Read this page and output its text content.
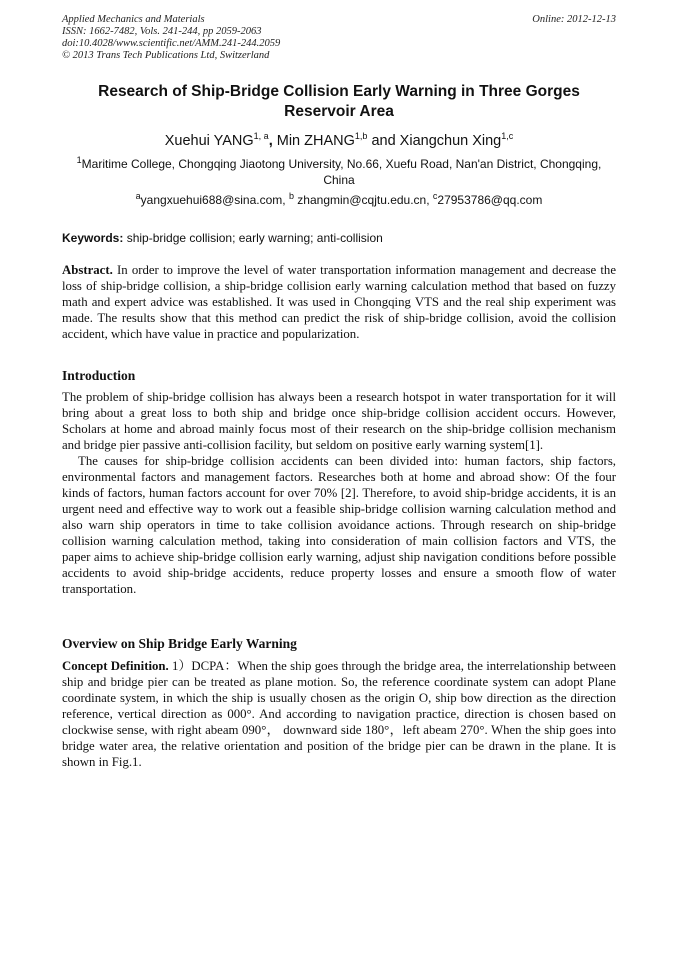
Applied Mechanics and Materials
ISSN: 1662-7482, Vols. 241-244, pp 2059-2063
doi:10.4028/www.scientific.net/AMM.241-244.2059
© 2013 Trans Tech Publications Ltd, Switzerland
Online: 2012-12-13
Research of Ship-Bridge Collision Early Warning in Three Gorges Reservoir Area
Xuehui YANG$^{1, a}$, Min ZHANG$^{1,b}$ and Xiangchun Xing$^{1,c}$
$^1$Maritime College, Chongqing Jiaotong University, No.66, Xuefu Road, Nan'an District, Chongqing, China
$^a$yangxuehui688@sina.com, $^b$ zhangmin@cqjtu.edu.cn, $^c$27953786@qq.com
Keywords: ship-bridge collision; early warning; anti-collision
Abstract. In order to improve the level of water transportation information management and decrease the loss of ship-bridge collision, a ship-bridge collision early warning calculation method that based on fuzzy math and expert advice was established. It was used in Chongqing VTS and the real ship experiment was made. The results show that this method can predict the risk of ship-bridge collision, avoid the collision accident, which have value in practice and popularization.
Introduction

The problem of ship-bridge collision has always been a research hotspot in water transportation for it will bring about a great loss to both ship and bridge once ship-bridge collision accident occurs. However, Scholars at home and abroad mainly focus most of their research on the ship-bridge collision mechanism and bridge pier passive anti-collision facility, but seldom on positive early warning system[1].

The causes for ship-bridge collision accidents can been divided into: human factors, ship factors, environmental factors and management factors. Researches both at home and abroad show: Of the four kinds of factors, human factors account for over 70% [2]. Therefore, to avoid ship-bridge accidents, it is an urgent need and effective way to work out a feasible ship-bridge collision warning calculation method and also warn ship operators in time to take collision avoidance actions. Through research on ship-bridge collision warning calculation method, taking into consideration of main collision factors and VTS, the paper aims to achieve ship-bridge collision early warning, adjust ship navigation conditions before possible accidents to avoid ship-bridge accidents, reduce property losses and ensure a smooth flow of water transportation.

Overview on Ship Bridge Early Warning
Concept Definition. 1）DCPA：When the ship goes through the bridge area, the interrelationship between ship and bridge pier can be treated as plane motion. So, the reference coordinate system can adopt Plane coordinate system, in which the ship is usually chosen as the origin O, ship bow direction as the direction reference, vertical direction as 000°. And according to navigation practice, direction is chosen based on clockwise sense, with right abeam 090°， downward side 180°，left abeam 270°. When the ship goes into bridge water area, the relative orientation and position of the bridge pier can be drawn in the plane. It is shown in Fig.1.
